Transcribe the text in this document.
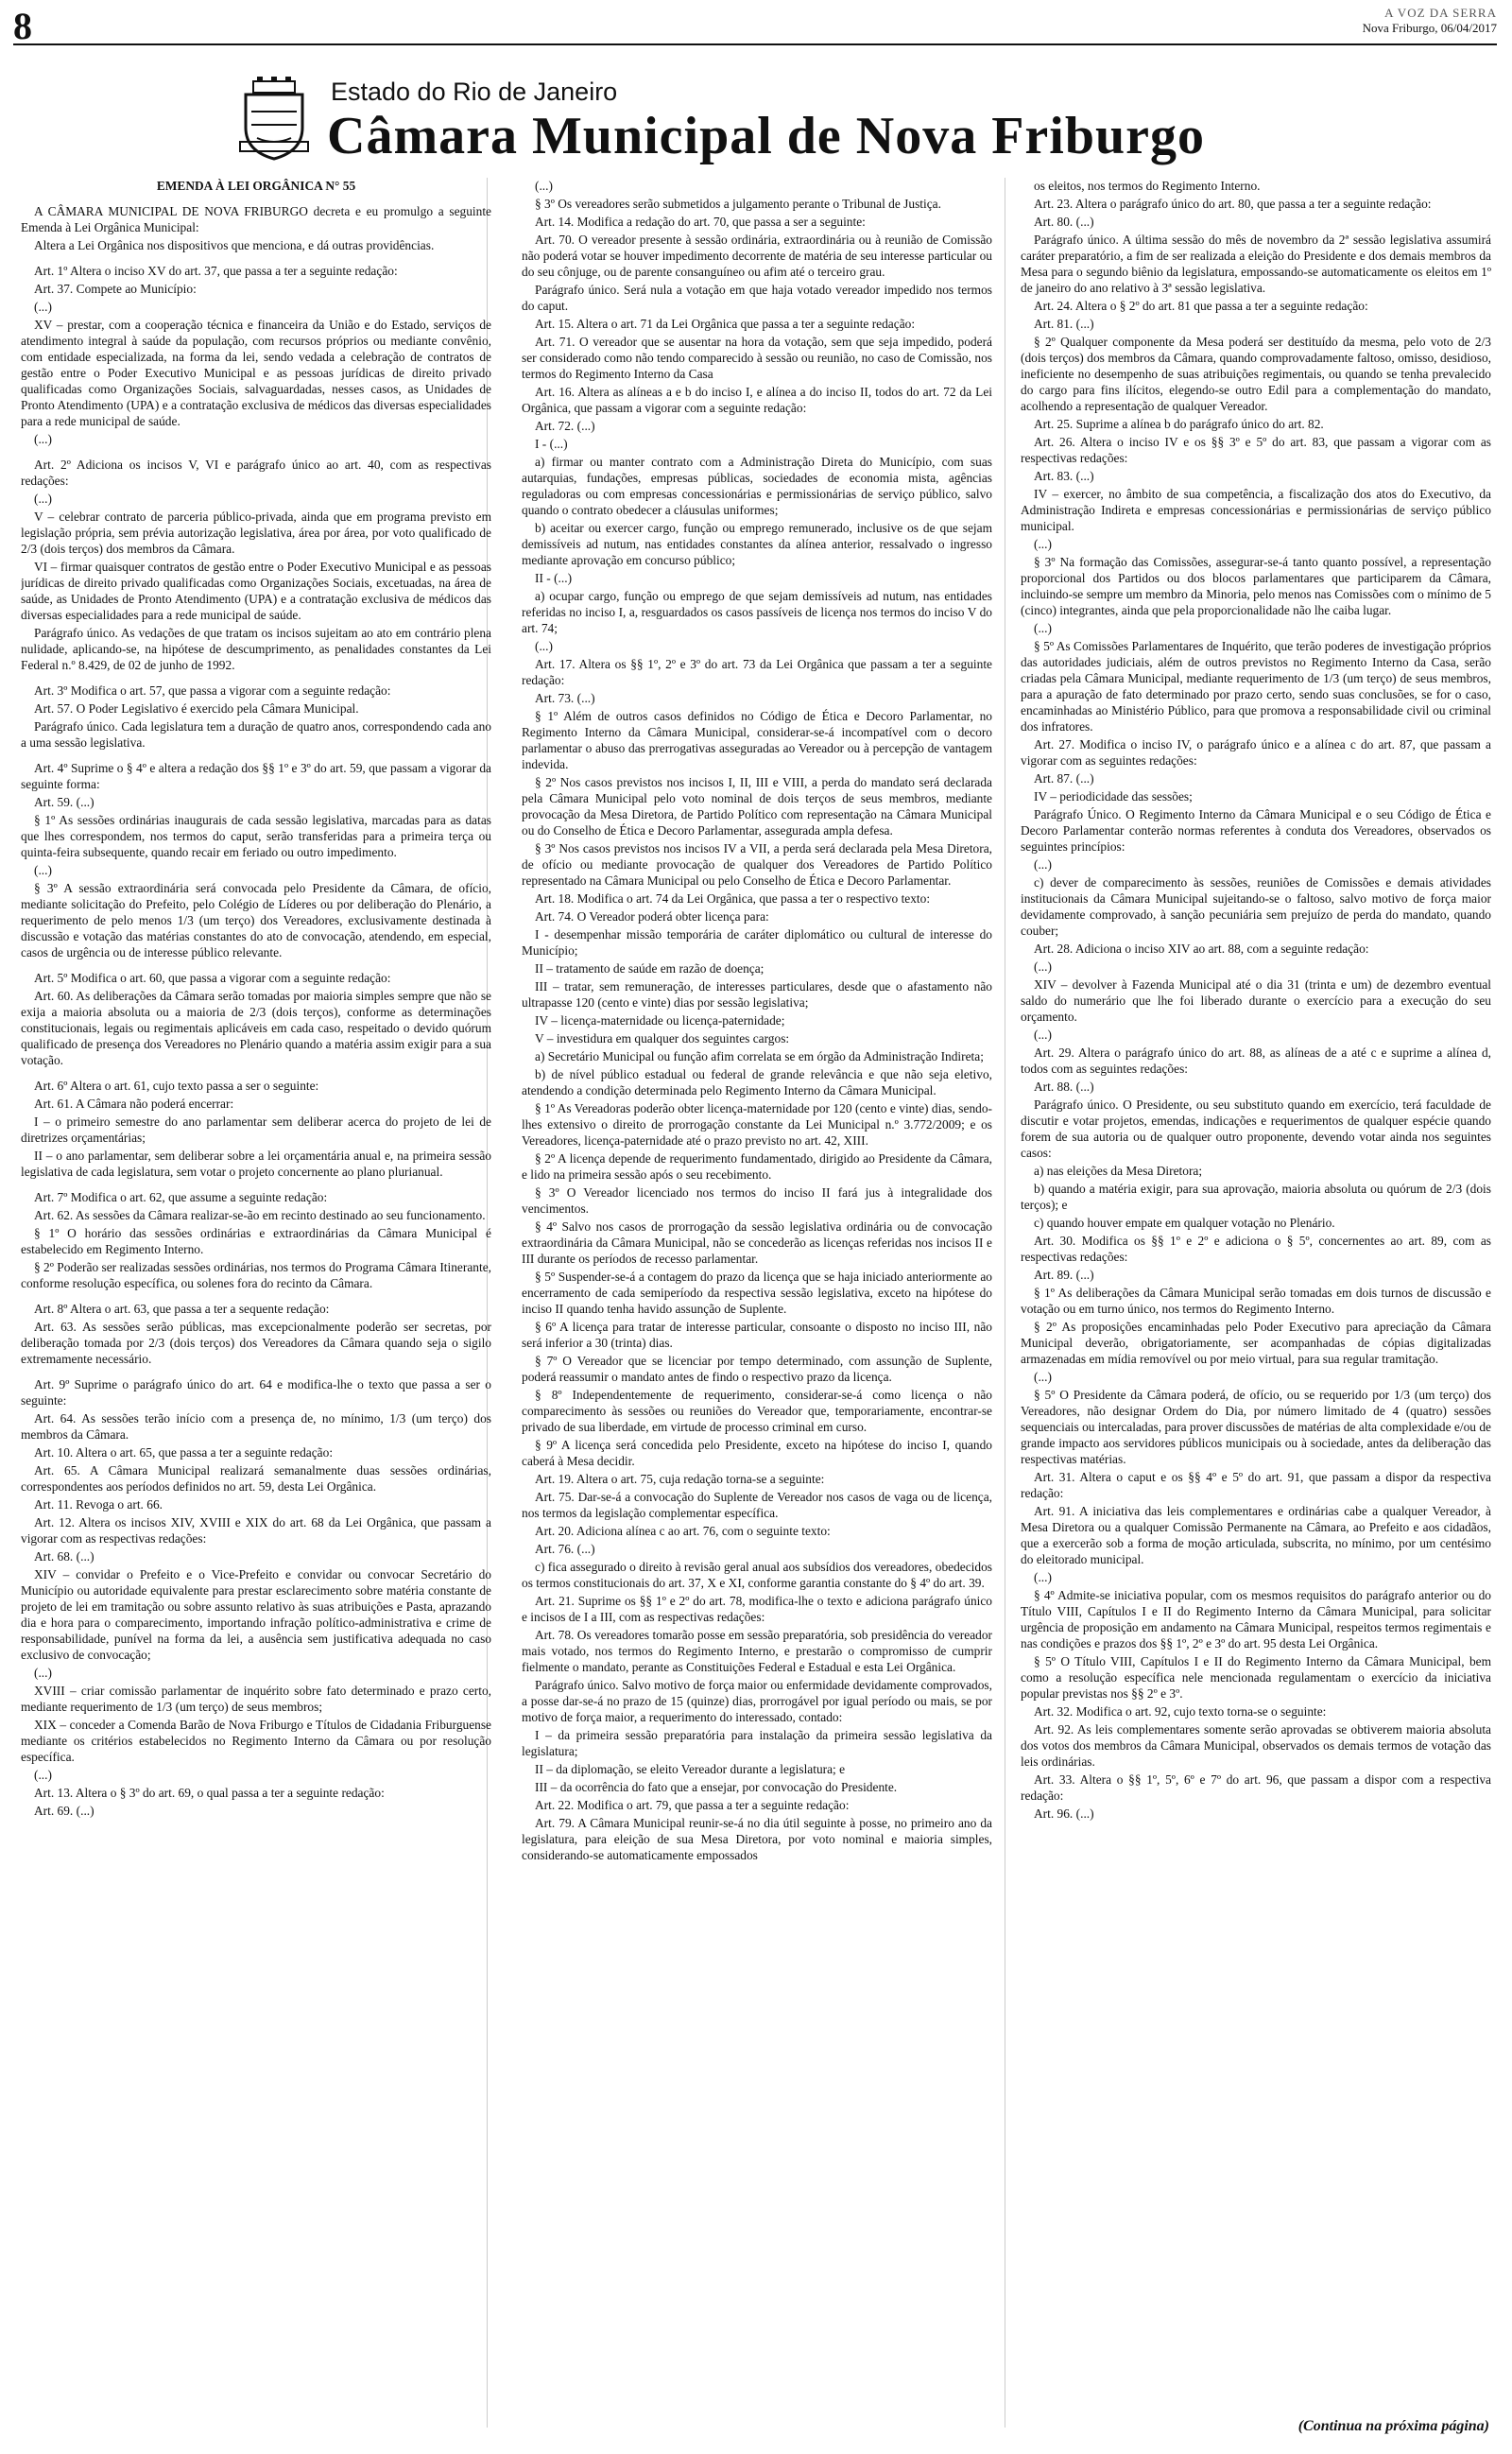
8	A VOZ DA SERRA
Nova Friburgo, 06/04/2017
Estado do Rio de Janeiro
Câmara Municipal de Nova Friburgo

EMENDA À LEI ORGÂNICA N° 55

A CÂMARA MUNICIPAL DE NOVA FRIBURGO decreta e eu promulgo a seguinte Emenda à Lei Orgânica Municipal:

Altera a Lei Orgânica nos dispositivos que menciona, e dá outras providências.

Art. 1º Altera o inciso XV do art. 37, que passa a ter a seguinte redação:

Art. 37. Compete ao Município:

(...)

XV – prestar, com a cooperação técnica e financeira da União e do Estado, serviços de atendimento integral à saúde da população, com recursos próprios ou mediante convênio, com entidade especializada, na forma da lei, sendo vedada a celebração de contratos de gestão entre o Poder Executivo Municipal e as pessoas jurídicas de direito privado qualificadas como Organizações Sociais, salvaguardadas, nesses casos, as Unidades de Pronto Atendimento (UPA) e a contratação exclusiva de médicos das diversas especialidades para a rede municipal de saúde.

(...)

Art. 2º Adiciona os incisos V, VI e parágrafo único ao art. 40, com as respectivas redações:

(...)

V – celebrar contrato de parceria público-privada, ainda que em programa previsto em legislação própria, sem prévia autorização legislativa, área por área, por voto qualificado de 2/3 (dois terços) dos membros da Câmara.

VI – firmar quaisquer contratos de gestão entre o Poder Executivo Municipal e as pessoas jurídicas de direito privado qualificadas como Organizações Sociais, excetuadas, na área de saúde, as Unidades de Pronto Atendimento (UPA) e a contratação exclusiva de médicos das diversas especialidades para a rede municipal de saúde.

Parágrafo único. As vedações de que tratam os incisos sujeitam ao ato em contrário plena nulidade, aplicando-se, na hipótese de descumprimento, as penalidades constantes da Lei Federal n.º 8.429, de 02 de junho de 1992.

Art. 3º Modifica o art. 57, que passa a vigorar com a seguinte redação:

Art. 57. O Poder Legislativo é exercido pela Câmara Municipal.

Parágrafo único. Cada legislatura tem a duração de quatro anos, correspondendo cada ano a uma sessão legislativa.

Art. 4º Suprime o § 4º e altera a redação dos §§ 1º e 3º do art. 59, que passam a vigorar da seguinte forma:

Art. 59. (...)

§ 1º As sessões ordinárias inaugurais de cada sessão legislativa, marcadas para as datas que lhes correspondem, nos termos do caput, serão transferidas para a primeira terça ou quinta-feira subsequente, quando recair em feriado ou outro impedimento.

(...)

§ 3º A sessão extraordinária será convocada pelo Presidente da Câmara, de ofício, mediante solicitação do Prefeito, pelo Colégio de Líderes ou por deliberação do Plenário, a requerimento de pelo menos 1/3 (um terço) dos Vereadores, exclusivamente destinada à discussão e votação das matérias constantes do ato de convocação, atendendo, em especial, casos de urgência ou de interesse público relevante.

Art. 5º Modifica o art. 60, que passa a vigorar com a seguinte redação:

Art. 60. As deliberações da Câmara serão tomadas por maioria simples sempre que não se exija a maioria absoluta ou a maioria de 2/3 (dois terços), conforme as determinações constitucionais, legais ou regimentais aplicáveis em cada caso, respeitado o devido quórum qualificado de presença dos Vereadores no Plenário quando a matéria assim exigir para a sua votação.

Art. 6º Altera o art. 61, cujo texto passa a ser o seguinte:

Art. 61. A Câmara não poderá encerrar:

I – o primeiro semestre do ano parlamentar sem deliberar acerca do projeto de lei de diretrizes orçamentárias;

II – o ano parlamentar, sem deliberar sobre a lei orçamentária anual e, na primeira sessão legislativa de cada legislatura, sem votar o projeto concernente ao plano plurianual.

Art. 7º Modifica o art. 62, que assume a seguinte redação:

Art. 62. As sessões da Câmara realizar-se-ão em recinto destinado ao seu funcionamento.

§ 1º O horário das sessões ordinárias e extraordinárias da Câmara Municipal é estabelecido em Regimento Interno.

§ 2º Poderão ser realizadas sessões ordinárias, nos termos do Programa Câmara Itinerante, conforme resolução específica, ou solenes fora do recinto da Câmara.

Art. 8º Altera o art. 63, que passa a ter a sequente redação:

Art. 63. As sessões serão públicas, mas excepcionalmente poderão ser secretas, por deliberação tomada por 2/3 (dois terços) dos Vereadores da Câmara quando seja o sigilo extremamente necessário.

Art. 9º Suprime o parágrafo único do art. 64 e modifica-lhe o texto que passa a ser o seguinte:

Art. 64. As sessões terão início com a presença de, no mínimo, 1/3 (um terço) dos membros da Câmara.

Art. 10. Altera o art. 65, que passa a ter a seguinte redação:

Art. 65. A Câmara Municipal realizará semanalmente duas sessões ordinárias, correspondentes aos períodos definidos no art. 59, desta Lei Orgânica.

Art. 11. Revoga o art. 66.

Art. 12. Altera os incisos XIV, XVIII e XIX do art. 68 da Lei Orgânica, que passam a vigorar com as respectivas redações:

Art. 68. (...)

XIV – convidar o Prefeito e o Vice-Prefeito e convidar ou convocar Secretário do Município ou autoridade equivalente para prestar esclarecimento sobre matéria constante de projeto de lei em tramitação ou sobre assunto relativo às suas atribuições e Pasta, aprazando dia e hora para o comparecimento, importando infração político-administrativa e crime de responsabilidade, punível na forma da lei, a ausência sem justificativa adequada no caso exclusivo de convocação;

(...)

XVIII – criar comissão parlamentar de inquérito sobre fato determinado e prazo certo, mediante requerimento de 1/3 (um terço) de seus membros;

XIX – conceder a Comenda Barão de Nova Friburgo e Títulos de Cidadania Friburguense mediante os critérios estabelecidos no Regimento Interno da Câmara ou por resolução específica.

(...)

Art. 13. Altera o § 3º do art. 69, o qual passa a ter a seguinte redação:

Art. 69. (...)

(...)

§ 3º Os vereadores serão submetidos a julgamento perante o Tribunal de Justiça.

Art. 14. Modifica a redação do art. 70, que passa a ser a seguinte:

Art. 70. O vereador presente à sessão ordinária, extraordinária ou à reunião de Comissão não poderá votar se houver impedimento decorrente de matéria de seu interesse particular ou do seu cônjuge, ou de parente consanguíneo ou afim até o terceiro grau.

Parágrafo único. Será nula a votação em que haja votado vereador impedido nos termos do caput.

Art. 15. Altera o art. 71 da Lei Orgânica que passa a ter a seguinte redação:

Art. 71. O vereador que se ausentar na hora da votação, sem que seja impedido, poderá ser considerado como não tendo comparecido à sessão ou reunião, no caso de Comissão, nos termos do Regimento Interno da Casa

Art. 16. Altera as alíneas a e b do inciso I, e alínea a do inciso II, todos do art. 72 da Lei Orgânica, que passam a vigorar com a seguinte redação:

Art. 72. (...)

I - (...)

a) firmar ou manter contrato com a Administração Direta do Município, com suas autarquias, fundações, empresas públicas, sociedades de economia mista, agências reguladoras ou com empresas concessionárias e permissionárias de serviço público, salvo quando o contrato obedecer a cláusulas uniformes;

b) aceitar ou exercer cargo, função ou emprego remunerado, inclusive os de que sejam demissíveis ad nutum, nas entidades constantes da alínea anterior, ressalvado o ingresso mediante aprovação em concurso público;

II - (...)

a) ocupar cargo, função ou emprego de que sejam demissíveis ad nutum, nas entidades referidas no inciso I, a, resguardados os casos passíveis de licença nos termos do inciso V do art. 74;

(...)

Art. 17. Altera os §§ 1º, 2º e 3º do art. 73 da Lei Orgânica que passam a ter a seguinte redação:

Art. 73. (...)

§ 1º Além de outros casos definidos no Código de Ética e Decoro Parlamentar, no Regimento Interno da Câmara Municipal, considerar-se-á incompatível com o decoro parlamentar o abuso das prerrogativas asseguradas ao Vereador ou à percepção de vantagem indevida.

§ 2º Nos casos previstos nos incisos I, II, III e VIII, a perda do mandato será declarada pela Câmara Municipal pelo voto nominal de dois terços de seus membros, mediante provocação da Mesa Diretora, de Partido Político com representação na Câmara Municipal ou do Conselho de Ética e Decoro Parlamentar, assegurada ampla defesa.

§ 3º Nos casos previstos nos incisos IV a VII, a perda será declarada pela Mesa Diretora, de ofício ou mediante provocação de qualquer dos Vereadores de Partido Político representado na Câmara Municipal ou pelo Conselho de Ética e Decoro Parlamentar.

Art. 18. Modifica o art. 74 da Lei Orgânica, que passa a ter o respectivo texto:

Art. 74. O Vereador poderá obter licença para:

I - desempenhar missão temporária de caráter diplomático ou cultural de interesse do Município;

II – tratamento de saúde em razão de doença;

III – tratar, sem remuneração, de interesses particulares, desde que o afastamento não ultrapasse 120 (cento e vinte) dias por sessão legislativa;

IV – licença-maternidade ou licença-paternidade;

V – investidura em qualquer dos seguintes cargos:

a) Secretário Municipal ou função afim correlata se em órgão da Administração Indireta;

b) de nível público estadual ou federal de grande relevância e que não seja eletivo, atendendo a condição determinada pelo Regimento Interno da Câmara Municipal.

§ 1º As Vereadoras poderão obter licença-maternidade por 120 (cento e vinte) dias, sendo-lhes extensivo o direito de prorrogação constante da Lei Municipal n.º 3.772/2009; e os Vereadores, licença-paternidade até o prazo previsto no art. 42, XIII.

§ 2º A licença depende de requerimento fundamentado, dirigido ao Presidente da Câmara, e lido na primeira sessão após o seu recebimento.

§ 3º O Vereador licenciado nos termos do inciso II fará jus à integralidade dos vencimentos.

§ 4º Salvo nos casos de prorrogação da sessão legislativa ordinária ou de convocação extraordinária da Câmara Municipal, não se concederão as licenças referidas nos incisos II e III durante os períodos de recesso parlamentar.

§ 5º Suspender-se-á a contagem do prazo da licença que se haja iniciado anteriormente ao encerramento de cada semiperíodo da respectiva sessão legislativa, exceto na hipótese do inciso II quando tenha havido assunção de Suplente.

§ 6º A licença para tratar de interesse particular, consoante o disposto no inciso III, não será inferior a 30 (trinta) dias.

§ 7º O Vereador que se licenciar por tempo determinado, com assunção de Suplente, poderá reassumir o mandato antes de findo o respectivo prazo da licença.

§ 8º Independentemente de requerimento, considerar-se-á como licença o não comparecimento às sessões ou reuniões do Vereador que, temporariamente, encontrar-se privado de sua liberdade, em virtude de processo criminal em curso.

§ 9º A licença será concedida pelo Presidente, exceto na hipótese do inciso I, quando caberá à Mesa decidir.

Art. 19. Altera o art. 75, cuja redação torna-se a seguinte:

Art. 75. Dar-se-á a convocação do Suplente de Vereador nos casos de vaga ou de licença, nos termos da legislação complementar específica.

Art. 20. Adiciona alínea c ao art. 76, com o seguinte texto:

Art. 76. (...)

c) fica assegurado o direito à revisão geral anual aos subsídios dos vereadores, obedecidos os termos constitucionais do art. 37, X e XI, conforme garantia constante do § 4º do art. 39.

Art. 21. Suprime os §§ 1º e 2º do art. 78, modifica-lhe o texto e adiciona parágrafo único e incisos de I a III, com as respectivas redações:

Art. 78. Os vereadores tomarão posse em sessão preparatória, sob presidência do vereador mais votado, nos termos do Regimento Interno, e prestarão o compromisso de cumprir fielmente o mandato, perante as Constituições Federal e Estadual e esta Lei Orgânica.

Parágrafo único. Salvo motivo de força maior ou enfermidade devidamente comprovados, a posse dar-se-á no prazo de 15 (quinze) dias, prorrogável por igual período ou mais, se por motivo de força maior, a requerimento do interessado, contado:

I – da primeira sessão preparatória para instalação da primeira sessão legislativa da legislatura;

II – da diplomação, se eleito Vereador durante a legislatura; e

III – da ocorrência do fato que a ensejar, por convocação do Presidente.

Art. 22. Modifica o art. 79, que passa a ter a seguinte redação:

Art. 79. A Câmara Municipal reunir-se-á no dia útil seguinte à posse, no primeiro ano da legislatura, para eleição de sua Mesa Diretora, por voto nominal e maioria simples, considerando-se automaticamente empossados

os eleitos, nos termos do Regimento Interno.

Art. 23. Altera o parágrafo único do art. 80, que passa a ter a seguinte redação:

Art. 80. (...)

Parágrafo único. A última sessão do mês de novembro da 2ª sessão legislativa assumirá caráter preparatório, a fim de ser realizada a eleição do Presidente e dos demais membros da Mesa para o segundo biênio da legislatura, empossando-se automaticamente os eleitos em 1º de janeiro do ano relativo à 3ª sessão legislativa.

Art. 24. Altera o § 2º do art. 81 que passa a ter a seguinte redação:

Art. 81. (...)

§ 2º Qualquer componente da Mesa poderá ser destituído da mesma, pelo voto de 2/3 (dois terços) dos membros da Câmara, quando comprovadamente faltoso, omisso, desidioso, ineficiente no desempenho de suas atribuições regimentais, ou quando se tenha prevalecido do cargo para fins ilícitos, elegendo-se outro Edil para a complementação do mandato, acolhendo a representação de qualquer Vereador.

Art. 25. Suprime a alínea b do parágrafo único do art. 82.

Art. 26. Altera o inciso IV e os §§ 3º e 5º do art. 83, que passam a vigorar com as respectivas redações:

Art. 83. (...)

IV – exercer, no âmbito de sua competência, a fiscalização dos atos do Executivo, da Administração Indireta e empresas concessionárias e permissionárias de serviço público municipal.

(...)

§ 3º Na formação das Comissões, assegurar-se-á tanto quanto possível, a representação proporcional dos Partidos ou dos blocos parlamentares que participarem da Câmara, incluindo-se sempre um membro da Minoria, pelo menos nas Comissões com o mínimo de 5 (cinco) integrantes, ainda que pela proporcionalidade não lhe caiba lugar.

(...)

§ 5º As Comissões Parlamentares de Inquérito, que terão poderes de investigação próprios das autoridades judiciais, além de outros previstos no Regimento Interno da Casa, serão criadas pela Câmara Municipal, mediante requerimento de 1/3 (um terço) de seus membros, para a apuração de fato determinado por prazo certo, sendo suas conclusões, se for o caso, encaminhadas ao Ministério Público, para que promova a responsabilidade civil ou criminal dos infratores.

Art. 27. Modifica o inciso IV, o parágrafo único e a alínea c do art. 87, que passam a vigorar com as seguintes redações:

Art. 87. (...)

IV – periodicidade das sessões;

Parágrafo Único. O Regimento Interno da Câmara Municipal e o seu Código de Ética e Decoro Parlamentar conterão normas referentes à conduta dos Vereadores, observados os seguintes princípios:

(...)

c) dever de comparecimento às sessões, reuniões de Comissões e demais atividades institucionais da Câmara Municipal sujeitando-se o faltoso, salvo motivo de força maior devidamente comprovado, à sanção pecuniária sem prejuízo de perda do mandato, quando couber;

Art. 28. Adiciona o inciso XIV ao art. 88, com a seguinte redação:

(...)

XIV – devolver à Fazenda Municipal até o dia 31 (trinta e um) de dezembro eventual saldo do numerário que lhe foi liberado durante o exercício para a execução do seu orçamento.

(...)

Art. 29. Altera o parágrafo único do art. 88, as alíneas de a até c e suprime a alínea d, todos com as seguintes redações:

Art. 88. (...)

Parágrafo único. O Presidente, ou seu substituto quando em exercício, terá faculdade de discutir e votar projetos, emendas, indicações e requerimentos de qualquer espécie quando forem de sua autoria ou de qualquer outro proponente, devendo votar ainda nos seguintes casos:

a) nas eleições da Mesa Diretora;

b) quando a matéria exigir, para sua aprovação, maioria absoluta ou quórum de 2/3 (dois terços); e

c) quando houver empate em qualquer votação no Plenário.

Art. 30. Modifica os §§ 1º e 2º e adiciona o § 5º, concernentes ao art. 89, com as respectivas redações:

Art. 89. (...)

§ 1º As deliberações da Câmara Municipal serão tomadas em dois turnos de discussão e votação ou em turno único, nos termos do Regimento Interno.

§ 2º As proposições encaminhadas pelo Poder Executivo para apreciação da Câmara Municipal deverão, obrigatoriamente, ser acompanhadas de cópias digitalizadas armazenadas em mídia removível ou por meio virtual, para sua regular tramitação.

(...)

§ 5º O Presidente da Câmara poderá, de ofício, ou se requerido por 1/3 (um terço) dos Vereadores, não designar Ordem do Dia, por número limitado de 4 (quatro) sessões sequenciais ou intercaladas, para prover discussões de matérias de alta complexidade e/ou de grande impacto aos servidores públicos municipais ou à sociedade, antes da deliberação das respectivas matérias.

Art. 31. Altera o caput e os §§ 4º e 5º do art. 91, que passam a dispor da respectiva redação:

Art. 91. A iniciativa das leis complementares e ordinárias cabe a qualquer Vereador, à Mesa Diretora ou a qualquer Comissão Permanente na Câmara, ao Prefeito e aos cidadãos, que a exercerão sob a forma de moção articulada, subscrita, no mínimo, por um centésimo do eleitorado municipal.

(...)

§ 4º Admite-se iniciativa popular, com os mesmos requisitos do parágrafo anterior ou do Título VIII, Capítulos I e II do Regimento Interno da Câmara Municipal, para solicitar urgência de proposição em andamento na Câmara Municipal, respeitos termos regimentais e nas condições e prazos dos §§ 1º, 2º e 3º do art. 95 desta Lei Orgânica.

§ 5º O Título VIII, Capítulos I e II do Regimento Interno da Câmara Municipal, bem como a resolução específica nele mencionada regulamentam o exercício da iniciativa popular previstas nos §§ 2º e 3º.

Art. 32. Modifica o art. 92, cujo texto torna-se o seguinte:

Art. 92. As leis complementares somente serão aprovadas se obtiverem maioria absoluta dos votos dos membros da Câmara Municipal, observados os demais termos de votação das leis ordinárias.

Art. 33. Altera o §§ 1º, 5º, 6º e 7º do art. 96, que passam a dispor com a respectiva redação:

Art. 96. (...)

(Continua na próxima página)
